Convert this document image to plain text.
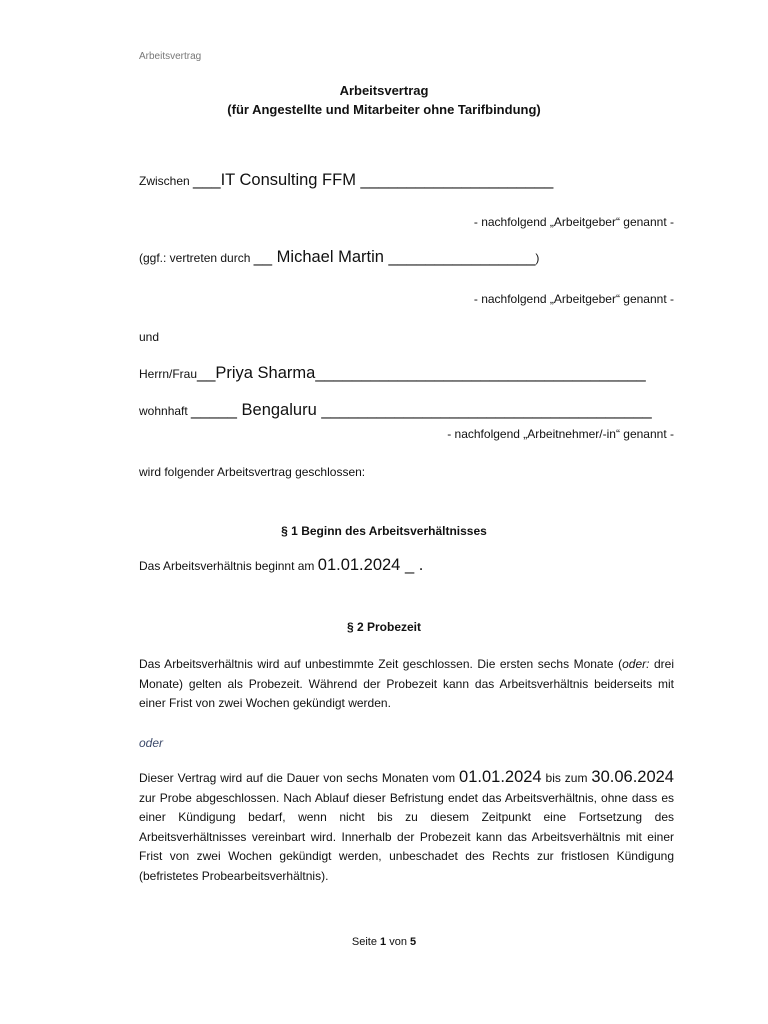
Arbeitsvertrag
Arbeitsvertrag
(für Angestellte und Mitarbeiter ohne Tarifbindung)
Zwischen ___IT Consulting FFM _____________________
- nachfolgend „Arbeitgeber“ genannt -
(ggf.: vertreten durch __ Michael Martin ________________)
- nachfolgend „Arbeitgeber“ genannt -
und
Herrn/Frau__Priya Sharma____________________________________
wohnhaft _____ Bengaluru ____________________________________
- nachfolgend „Arbeitnehmer/-in“ genannt -
wird folgender Arbeitsvertrag geschlossen:
§ 1 Beginn des Arbeitsverhältnisses
Das Arbeitsverhältnis beginnt am 01.01.2024 _ .
§ 2 Probezeit
Das Arbeitsverhältnis wird auf unbestimmte Zeit geschlossen. Die ersten sechs Monate (oder: drei Monate) gelten als Probezeit. Während der Probezeit kann das Arbeitsverhältnis beiderseits mit einer Frist von zwei Wochen gekündigt werden.
oder
Dieser Vertrag wird auf die Dauer von sechs Monaten vom 01.01.2024 bis zum 30.06.2024 zur Probe abgeschlossen. Nach Ablauf dieser Befristung endet das Arbeitsverhältnis, ohne dass es einer Kündigung bedarf, wenn nicht bis zu diesem Zeitpunkt eine Fortsetzung des Arbeitsverhältnisses vereinbart wird. Innerhalb der Probezeit kann das Arbeitsverhältnis mit einer Frist von zwei Wochen gekündigt werden, unbeschadet des Rechts zur fristlosen Kündigung (befristetes Probearbeitsverhältnis).
Seite 1 von 5
